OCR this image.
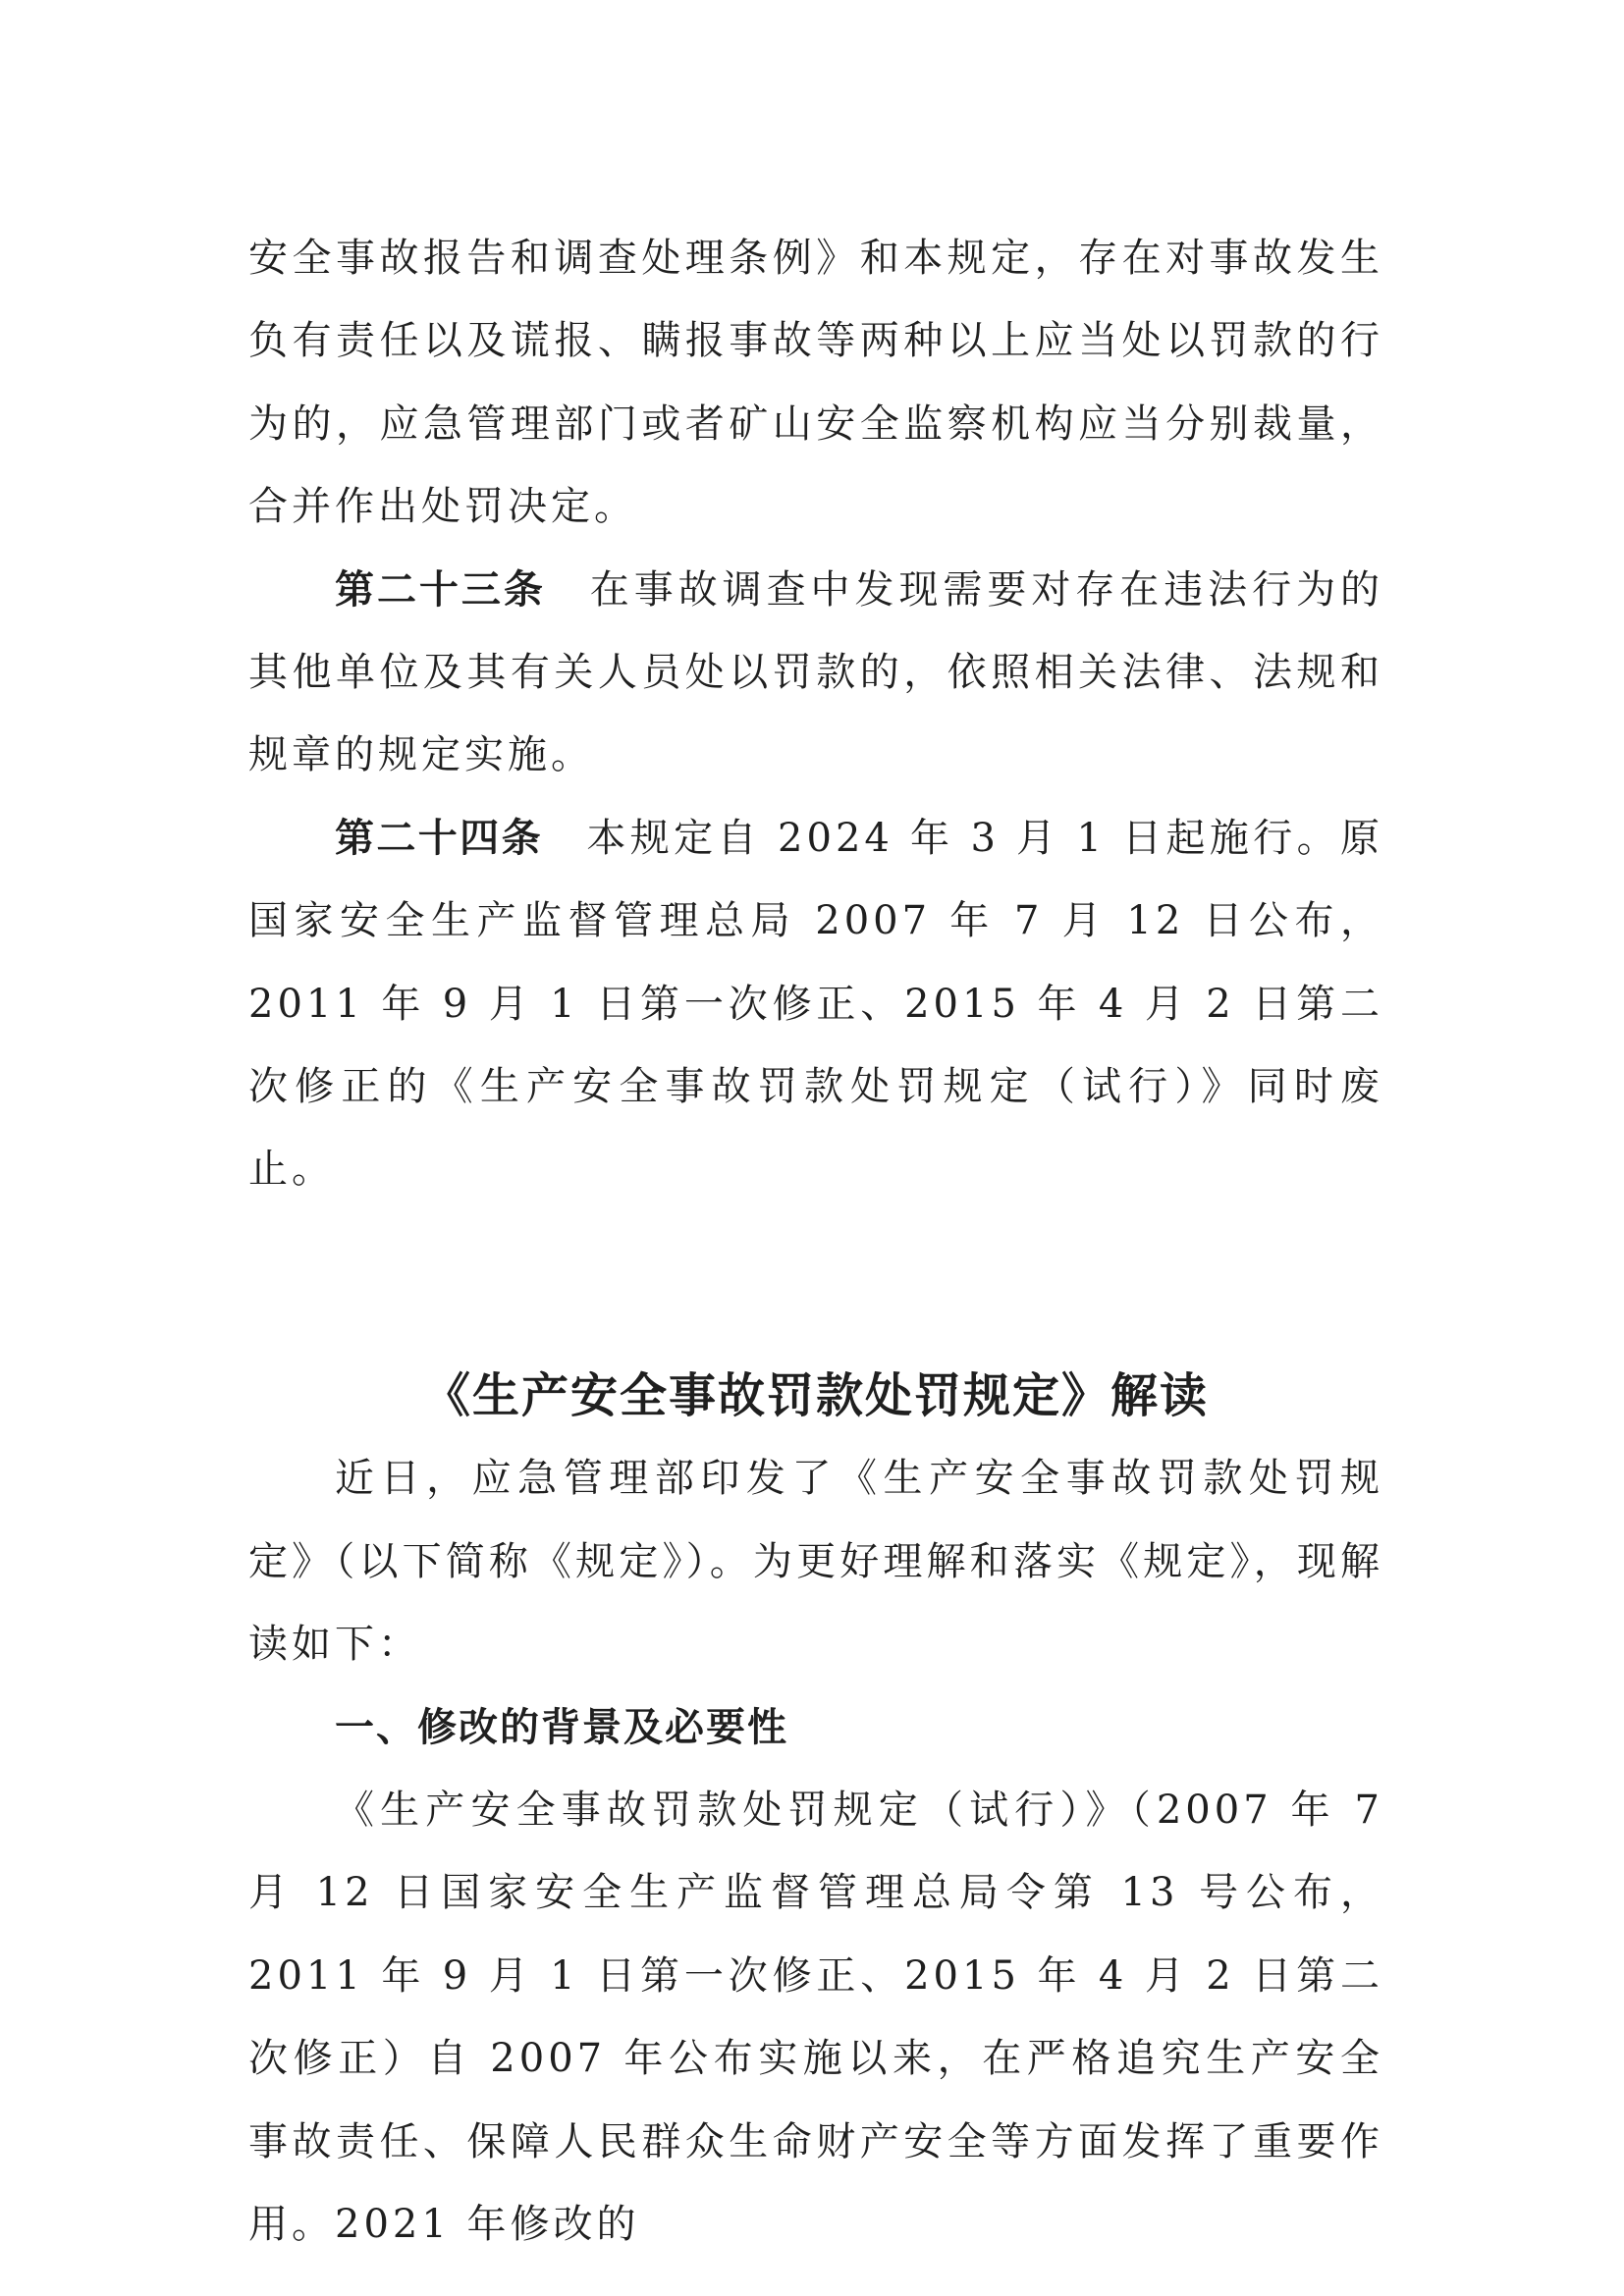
安全事故报告和调查处理条例》和本规定，存在对事故发生负有责任以及谎报、瞒报事故等两种以上应当处以罚款的行为的，应急管理部门或者矿山安全监察机构应当分别裁量，合并作出处罚决定。

第二十三条　 在事故调查中发现需要对存在违法行为的其他单位及其有关人员处以罚款的，依照相关法律、法规和规章的规定实施。

第二十四条　 本规定自 2024 年 3 月 1 日起施行。原国家安全生产监督管理总局 2007 年 7 月 12 日公布，2011 年 9 月 1 日第一次修正、2015 年 4 月 2 日第二次修正的《生产安全事故罚款处罚规定（试行）》同时废止。

《生产安全事故罚款处罚规定》解读

近日，应急管理部印发了《生产安全事故罚款处罚规定》（以下简称《规定》）。为更好理解和落实《规定》，现解读如下：

一、修改的背景及必要性

《生产安全事故罚款处罚规定（试行）》（2007 年 7 月 12 日国家安全生产监督管理总局令第 13 号公布，2011 年 9 月 1 日第一次修正、2015 年 4 月 2 日第二次修正）自 2007 年公布实施以来，在严格追究生产安全事故责任、保障人民群众生命财产安全等方面发挥了重要作用。2021 年修改的
